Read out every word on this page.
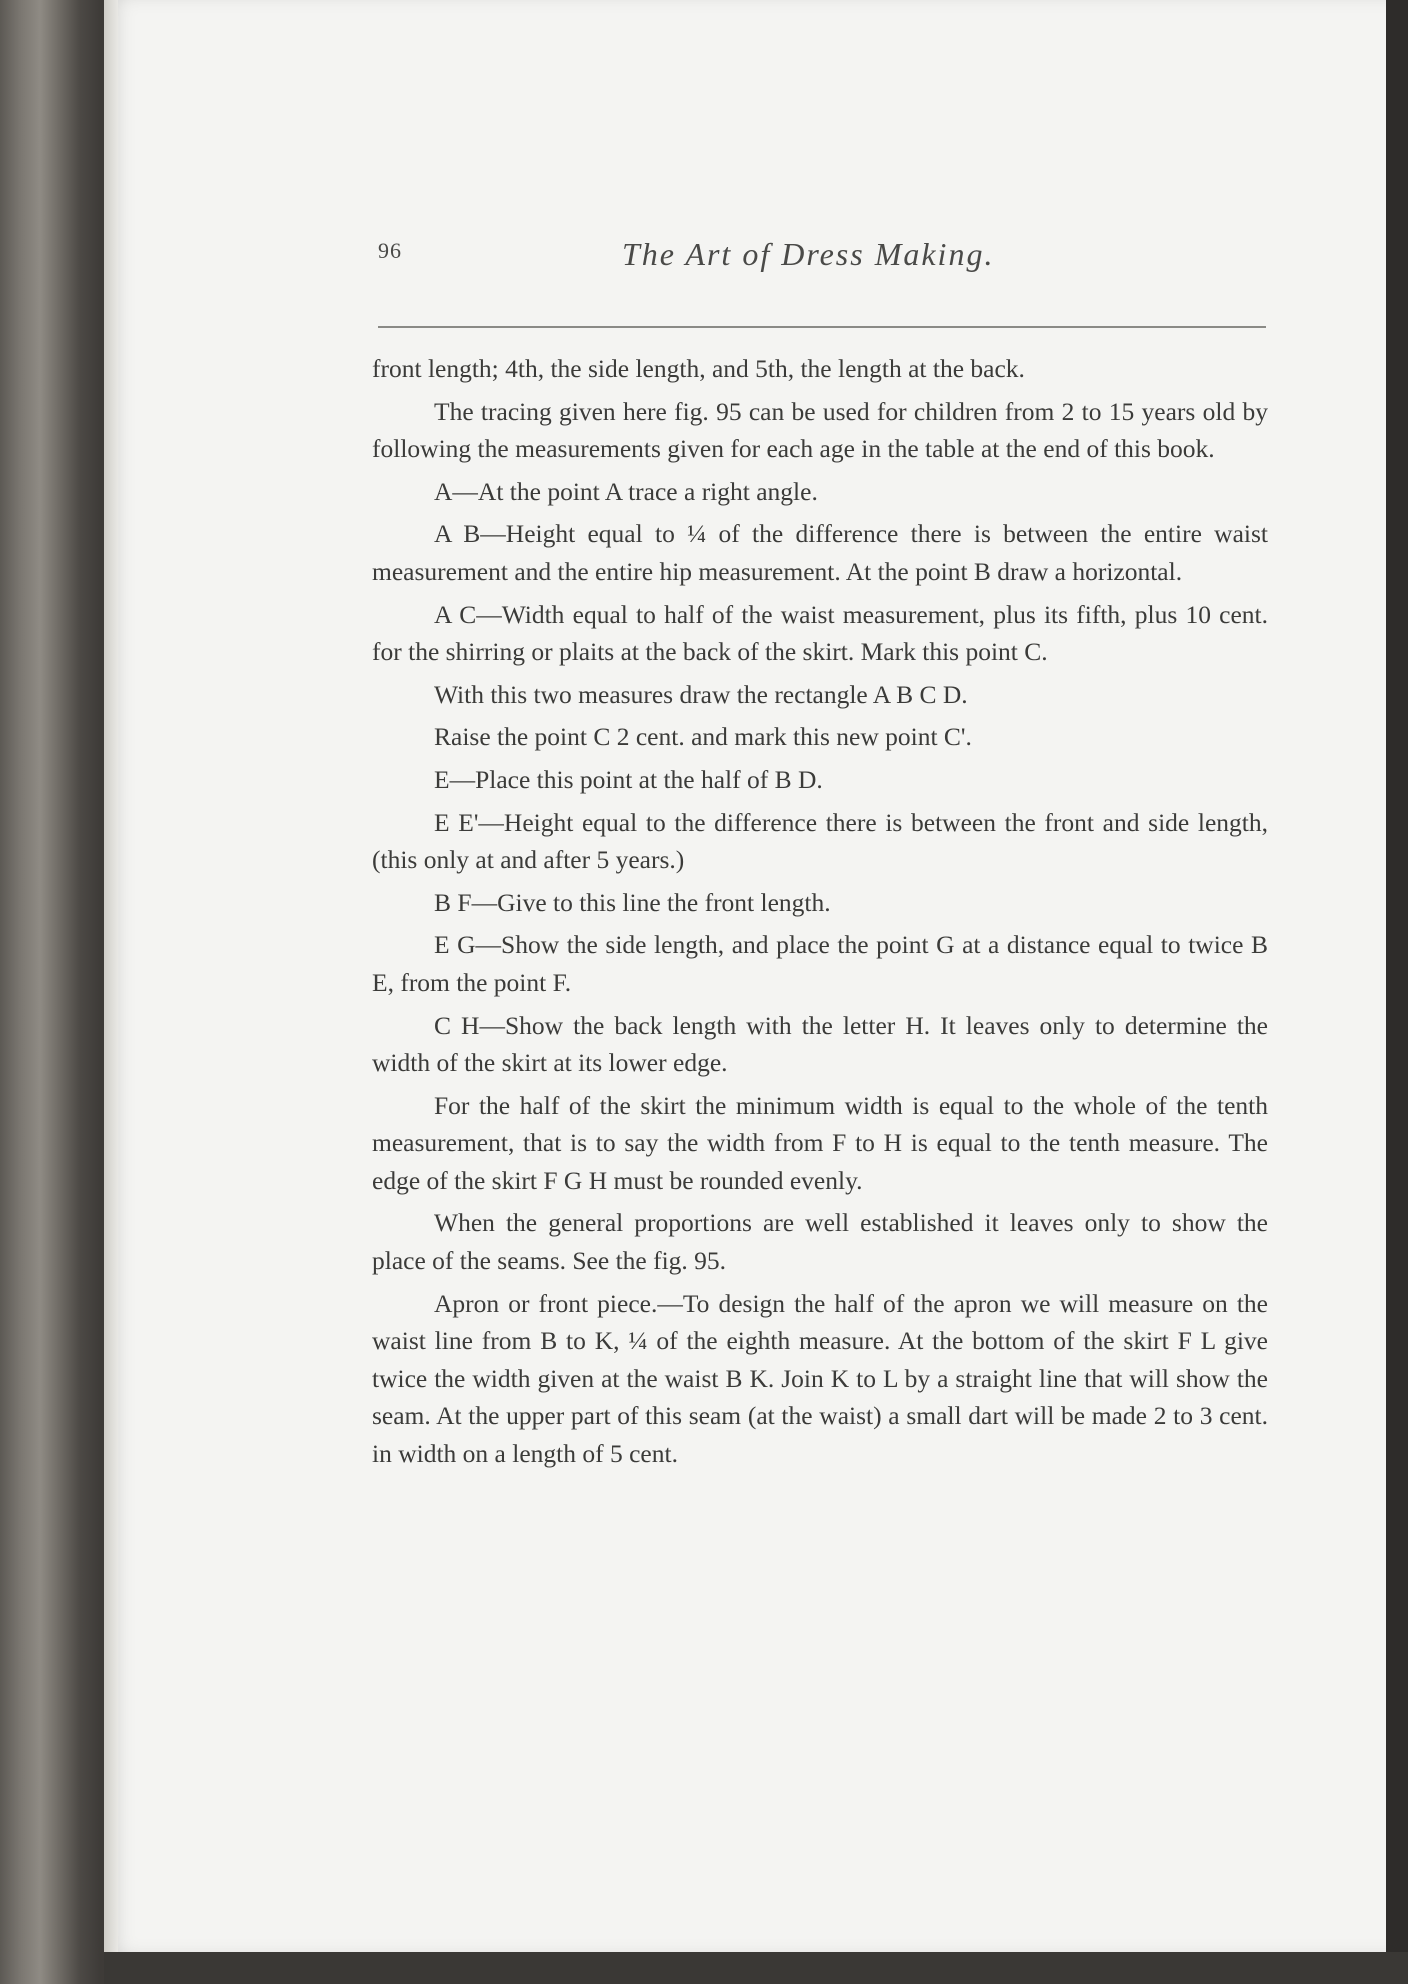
96	The Art of Dress Making.

front length; 4th, the side length, and 5th, the length at the back.

The tracing given here fig. 95 can be used for children from 2 to 15 years old by following the measurements given for each age in the table at the end of this book.

A—At the point A trace a right angle.

A B—Height equal to ¼ of the difference there is between the entire waist measurement and the entire hip measurement. At the point B draw a horizontal.

A C—Width equal to half of the waist measurement, plus its fifth, plus 10 cent. for the shirring or plaits at the back of the skirt. Mark this point C.

With this two measures draw the rectangle A B C D.

Raise the point C 2 cent. and mark this new point C'.

E—Place this point at the half of B D.

E E'—Height equal to the difference there is between the front and side length, (this only at and after 5 years.)

B F—Give to this line the front length.

E G—Show the side length, and place the point G at a distance equal to twice B E, from the point F.

C H—Show the back length with the letter H. It leaves only to determine the width of the skirt at its lower edge.

For the half of the skirt the minimum width is equal to the whole of the tenth measurement, that is to say the width from F to H is equal to the tenth measure. The edge of the skirt F G H must be rounded evenly.

When the general proportions are well established it leaves only to show the place of the seams. See the fig. 95.

Apron or front piece.—To design the half of the apron we will measure on the waist line from B to K, ¼ of the eighth measure. At the bottom of the skirt F L give twice the width given at the waist B K. Join K to L by a straight line that will show the seam. At the upper part of this seam (at the waist) a small dart will be made 2 to 3 cent. in width on a length of 5 cent.
